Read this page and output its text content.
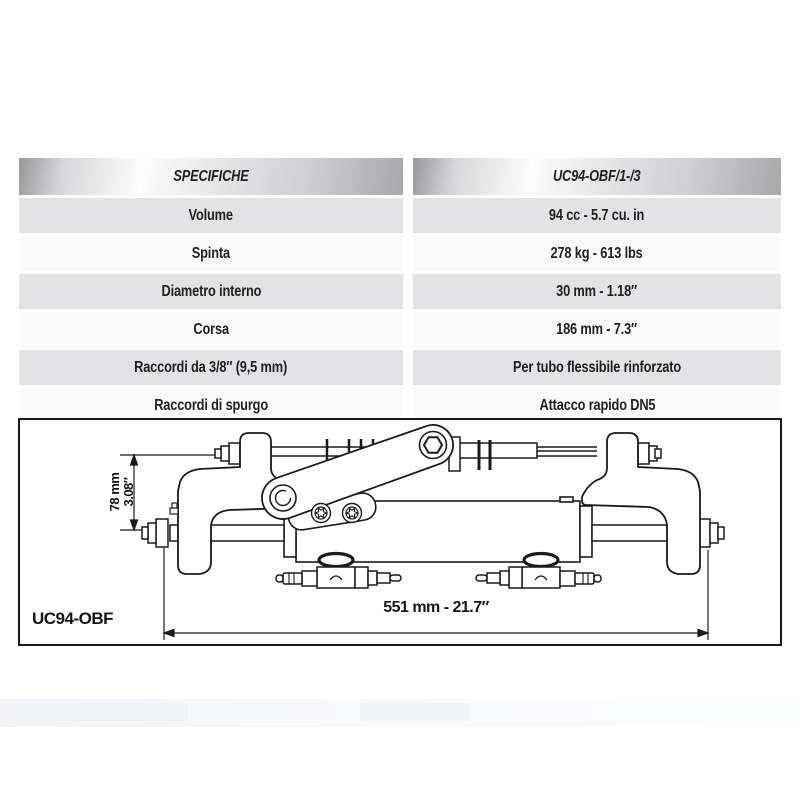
SPECIFICHE	UC94-OBF/1-/3
Volume	94 cc - 5.7 cu. in
Spinta	278 kg - 613 lbs
Diametro interno	30 mm - 1.18″
Corsa	186 mm - 7.3″
Raccordi da 3/8″ (9,5 mm)	Per tubo flessibile rinforzato
Raccordi di spurgo	Attacco rapido DN5
UC94-OBF
551 mm - 21.7″
78 mm 3.08″
